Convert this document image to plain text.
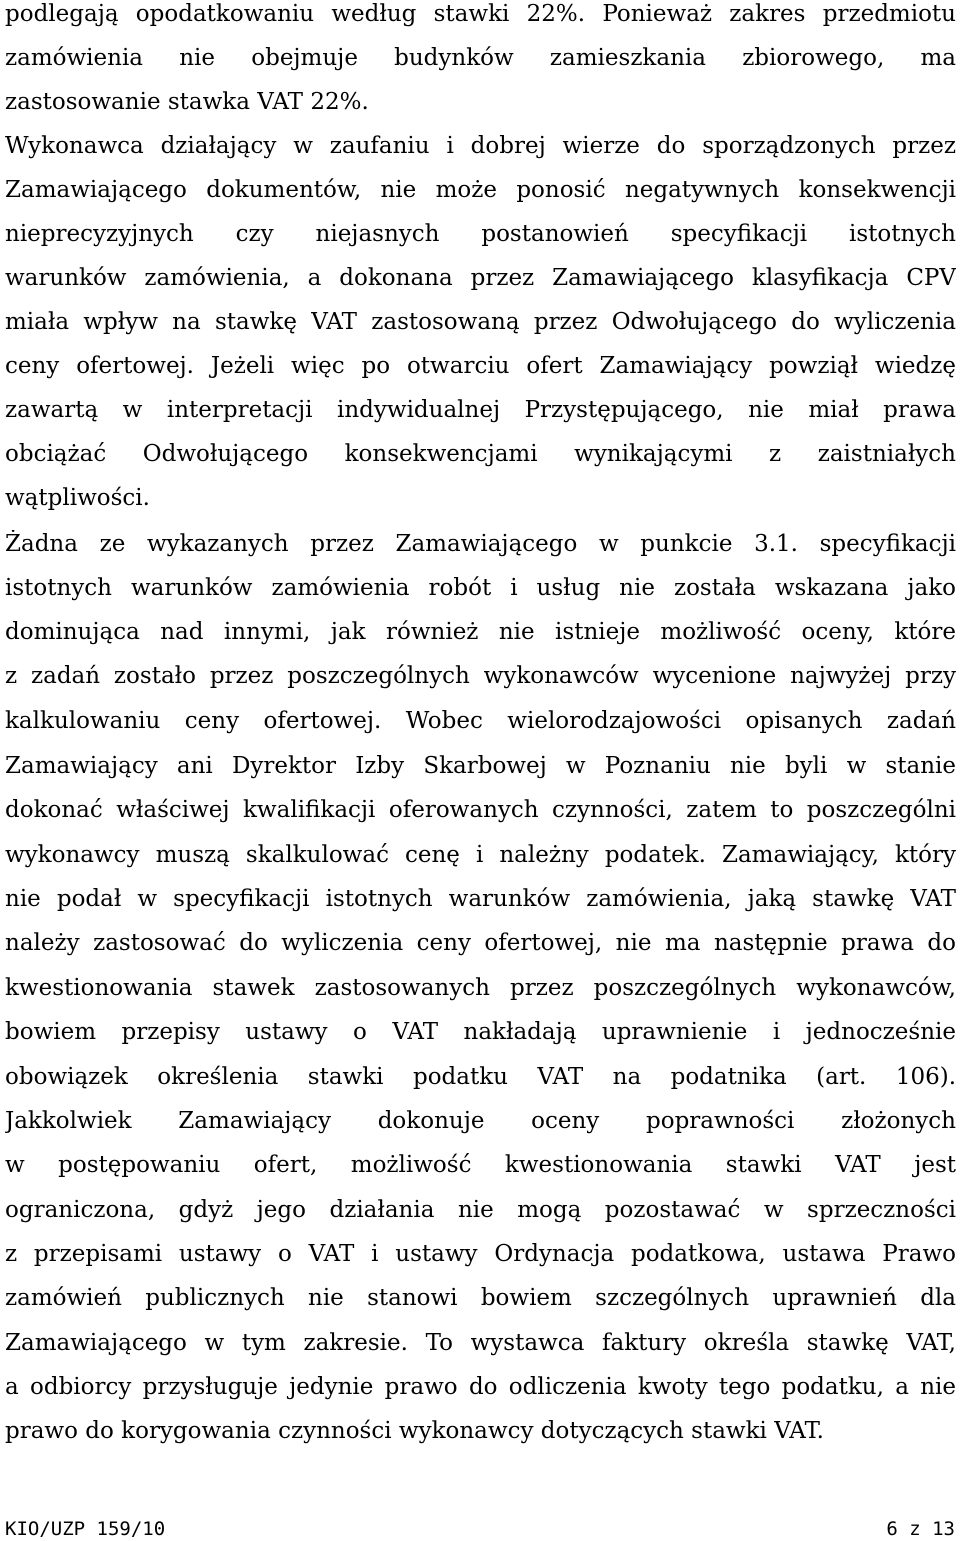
podlegają opodatkowaniu według stawki 22%. Ponieważ zakres przedmiotu
zamówienia nie obejmuje budynków zamieszkania zbiorowego, ma
zastosowanie stawka VAT 22%.
Wykonawca działający w zaufaniu i dobrej wierze do sporządzonych przez
Zamawiającego dokumentów, nie może ponosić negatywnych konsekwencji
nieprecyzyjnych czy niejasnych postanowień specyfikacji istotnych
warunków zamówienia, a dokonana przez Zamawiającego klasyfikacja CPV
miała wpływ na stawkę VAT zastosowaną przez Odwołującego do wyliczenia
ceny ofertowej. Jeżeli więc po otwarciu ofert Zamawiający powziął wiedzę
zawartą w interpretacji indywidualnej Przystępującego, nie miał prawa
obciążać Odwołującego konsekwencjami wynikającymi z zaistniałych
wątpliwości.
Żadna ze wykazanych przez Zamawiającego w punkcie 3.1. specyfikacji
istotnych warunków zamówienia robót i usług nie została wskazana jako
dominująca nad innymi, jak również nie istnieje możliwość oceny, które
z zadań zostało przez poszczególnych wykonawców wycenione najwyżej przy
kalkulowaniu ceny ofertowej. Wobec wielorodzajowości opisanych zadań
Zamawiający ani Dyrektor Izby Skarbowej w Poznaniu nie byli w stanie
dokonać właściwej kwalifikacji oferowanych czynności, zatem to poszczególni
wykonawcy muszą skalkulować cenę i należny podatek. Zamawiający, który
nie podał w specyfikacji istotnych warunków zamówienia, jaką stawkę VAT
należy zastosować do wyliczenia ceny ofertowej, nie ma następnie prawa do
kwestionowania stawek zastosowanych przez poszczególnych wykonawców,
bowiem przepisy ustawy o VAT nakładają uprawnienie i jednocześnie
obowiązek określenia stawki podatku VAT na podatnika (art. 106).
Jakkolwiek Zamawiający dokonuje oceny poprawności złożonych
w postępowaniu ofert, możliwość kwestionowania stawki VAT jest
ograniczona, gdyż jego działania nie mogą pozostawać w sprzeczności
z przepisami ustawy o VAT i ustawy Ordynacja podatkowa, ustawa Prawo
zamówień publicznych nie stanowi bowiem szczególnych uprawnień dla
Zamawiającego w tym zakresie. To wystawca faktury określa stawkę VAT,
a odbiorcy przysługuje jedynie prawo do odliczenia kwoty tego podatku, a nie
prawo do korygowania czynności wykonawcy dotyczących stawki VAT.
KIO/UZP 159/10	6 z 13
